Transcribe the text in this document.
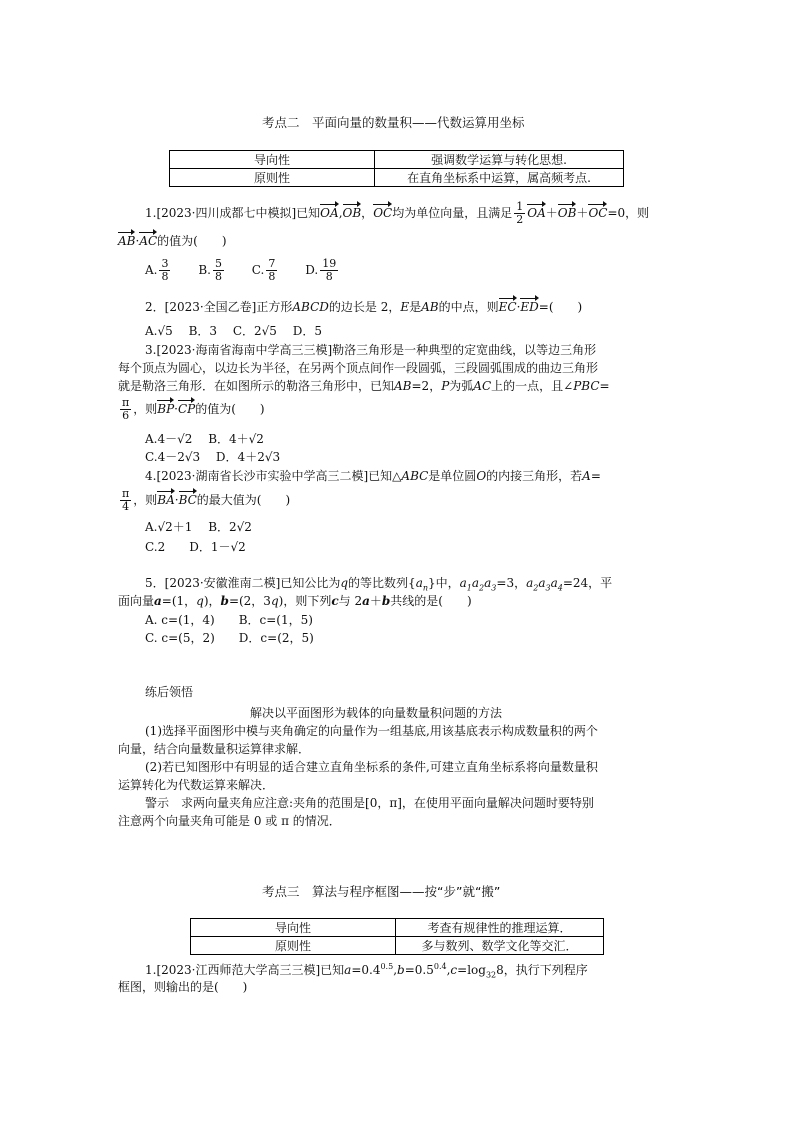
考点二　平面向量的数量积——代数运算用坐标
导向性	强调数学运算与转化思想.
原则性	在直角坐标系中运算，属高频考点.
1.[2023·四川成都七中模拟]已知OA,OB，OC均为单位向量，且满足 $\frac{1}{2} OA+OB+OC=0$，则
AB·AC的值为(　　)
A. $\frac{3}{8} B$. $\frac{5}{8} C$. $\frac{7}{8} D$. $\frac{19}{8}$
2．[2023·全国乙卷]正方形ABCD的边长是 2，E是AB的中点，则EC·ED=(　　)
A.√5　 B．3　 C．2√5　 D．5
3.[2023·海南省海南中学高三三模]勒洛三角形是一种典型的定宽曲线，以等边三角形
每个顶点为圆心，以边长为半径，在另两个顶点间作一段圆弧，三段圆弧围成的曲边三角形
就是勒洛三角形．在如图所示的勒洛三角形中，已知AB=2，P为弧AC上的一点，且∠PBC=
$\frac{\pi}{6}$ ，则BP·CP的值为(　　)
A.4－√2　 B．4＋√2
C.4－2√3　 D．4＋2√3
4.[2023·湖南省长沙市实验中学高三二模]已知△ABC是单位圆O的内接三角形，若A=
$\frac{\pi}{4}$ ，则BA·BC的最大值为(　　)
A.√2＋1　 B．2√2
C.2　　D．1－√2
5．[2023·安徽淮南二模]已知公比为q的等比数列$\{a_n\}$中，$a_1a_2a_3=3$，$a_2a_3a_4=24$，平
面向量a=(1，q)，b=(2，3q)，则下列c与 2a＋b共线的是(　　)
A. c=(1，4)　　B．c=(1，5)
C. c=(5，2)　　D．c=(2，5)
练后领悟
解决以平面图形为载体的向量数量积问题的方法
(1)选择平面图形中模与夹角确定的向量作为一组基底,用该基底表示构成数量积的两个
向量，结合向量数量积运算律求解．
(2)若已知图形中有明显的适合建立直角坐标系的条件,可建立直角坐标系将向量数量积
运算转化为代数运算来解决．
警示　求两向量夹角应注意:夹角的范围是[0，π]，在使用平面向量解决问题时要特别
注意两个向量夹角可能是 0 或 π 的情况．
考点三　算法与程序框图——按“步”就“搬”
导向性	考查有规律性的推理运算．
原则性	多与数列、数学文化等交汇．
1.[2023·江西师范大学高三三模]已知$a=0.4^{0.5},b=0.5^{0.4},c=\log_{32}8$，执行下列程序
框图，则输出的是(　　)
